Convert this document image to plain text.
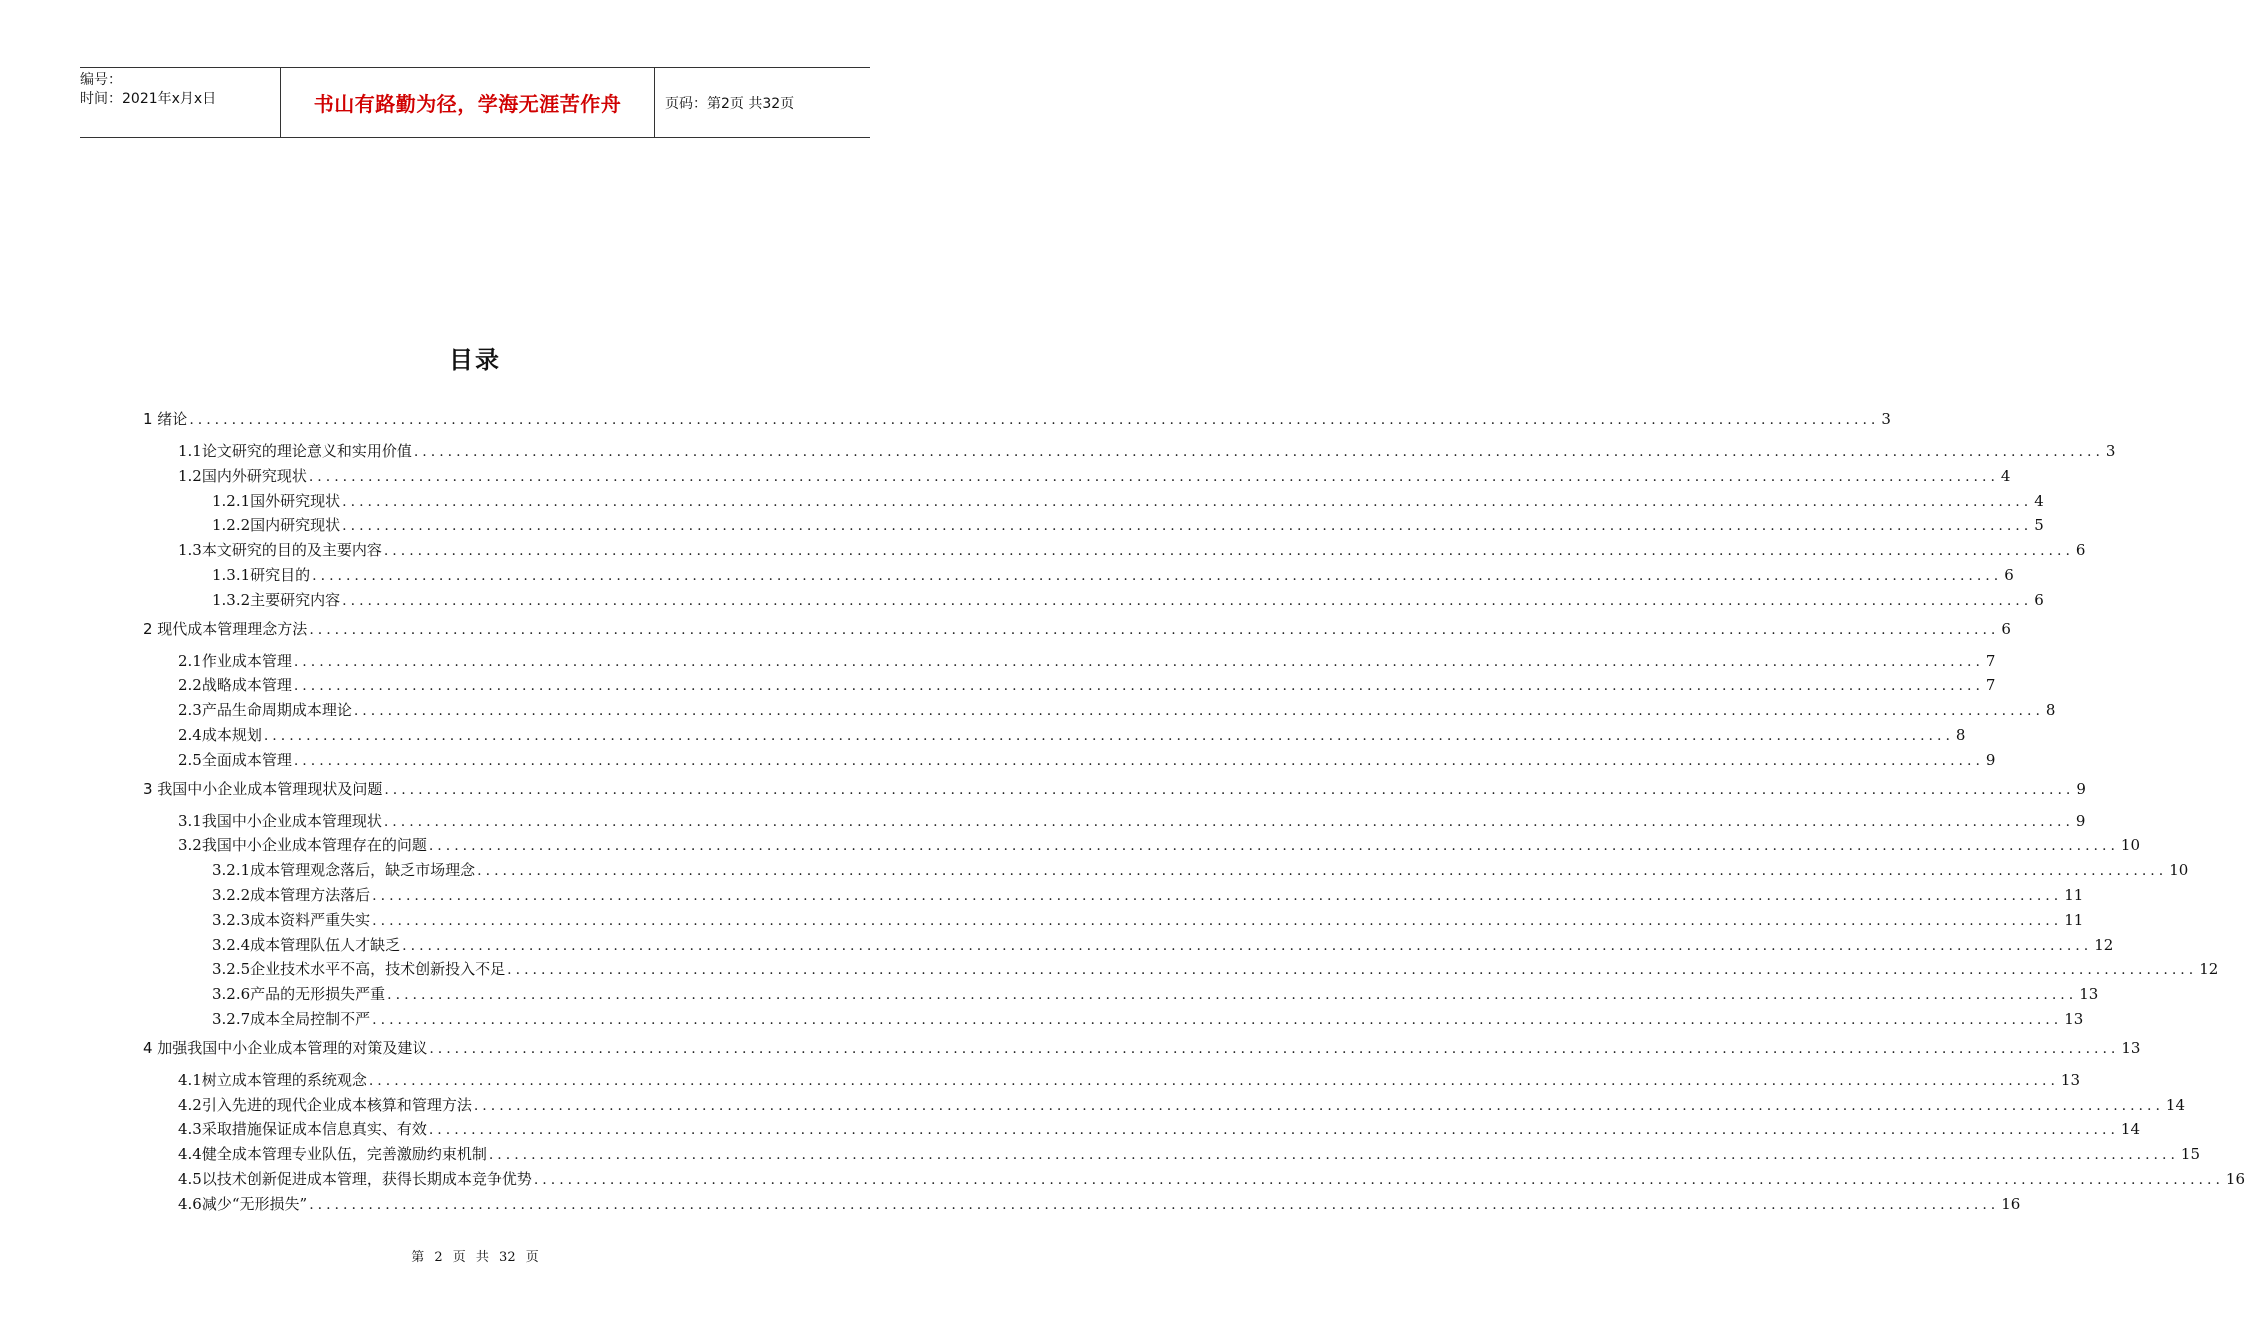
编号：
时间：2021年x月x日	书山有路勤为径，学海无涯苦作舟	页码：第2页 共32页
目录
1 绪论 ........................................................................................................................................................................................................ 3
1.1论文研究的理论意义和实用价值 ........................................................................................................................................................................................................ 3
1.2国内外研究现状 ........................................................................................................................................................................................................ 4
1.2.1国外研究现状 ........................................................................................................................................................................................................ 4
1.2.2国内研究现状 ........................................................................................................................................................................................................ 5
1.3本文研究的目的及主要内容 ........................................................................................................................................................................................................ 6
1.3.1研究目的 ........................................................................................................................................................................................................ 6
1.3.2主要研究内容 ........................................................................................................................................................................................................ 6
2 现代成本管理理念方法 ........................................................................................................................................................................................................ 6
2.1作业成本管理 ........................................................................................................................................................................................................ 7
2.2战略成本管理 ........................................................................................................................................................................................................ 7
2.3产品生命周期成本理论 ........................................................................................................................................................................................................ 8
2.4成本规划 ........................................................................................................................................................................................................ 8
2.5全面成本管理 ........................................................................................................................................................................................................ 9
3 我国中小企业成本管理现状及问题 ........................................................................................................................................................................................................ 9
3.1我国中小企业成本管理现状 ........................................................................................................................................................................................................ 9
3.2我国中小企业成本管理存在的问题 ........................................................................................................................................................................................................ 10
3.2.1成本管理观念落后，缺乏市场理念 ........................................................................................................................................................................................................ 10
3.2.2成本管理方法落后 ........................................................................................................................................................................................................ 11
3.2.3成本资料严重失实 ........................................................................................................................................................................................................ 11
3.2.4成本管理队伍人才缺乏 ........................................................................................................................................................................................................ 12
3.2.5企业技术水平不高，技术创新投入不足 ........................................................................................................................................................................................................ 12
3.2.6产品的无形损失严重 ........................................................................................................................................................................................................ 13
3.2.7成本全局控制不严 ........................................................................................................................................................................................................ 13
4 加强我国中小企业成本管理的对策及建议 ........................................................................................................................................................................................................ 13
4.1树立成本管理的系统观念 ........................................................................................................................................................................................................ 13
4.2引入先进的现代企业成本核算和管理方法 ........................................................................................................................................................................................................ 14
4.3采取措施保证成本信息真实、有效 ........................................................................................................................................................................................................ 14
4.4健全成本管理专业队伍，完善激励约束机制 ........................................................................................................................................................................................................ 15
4.5以技术创新促进成本管理，获得长期成本竞争优势 ........................................................................................................................................................................................................ 16
4.6减少“无形损失” ........................................................................................................................................................................................................ 16
第 2 页 共 32 页
